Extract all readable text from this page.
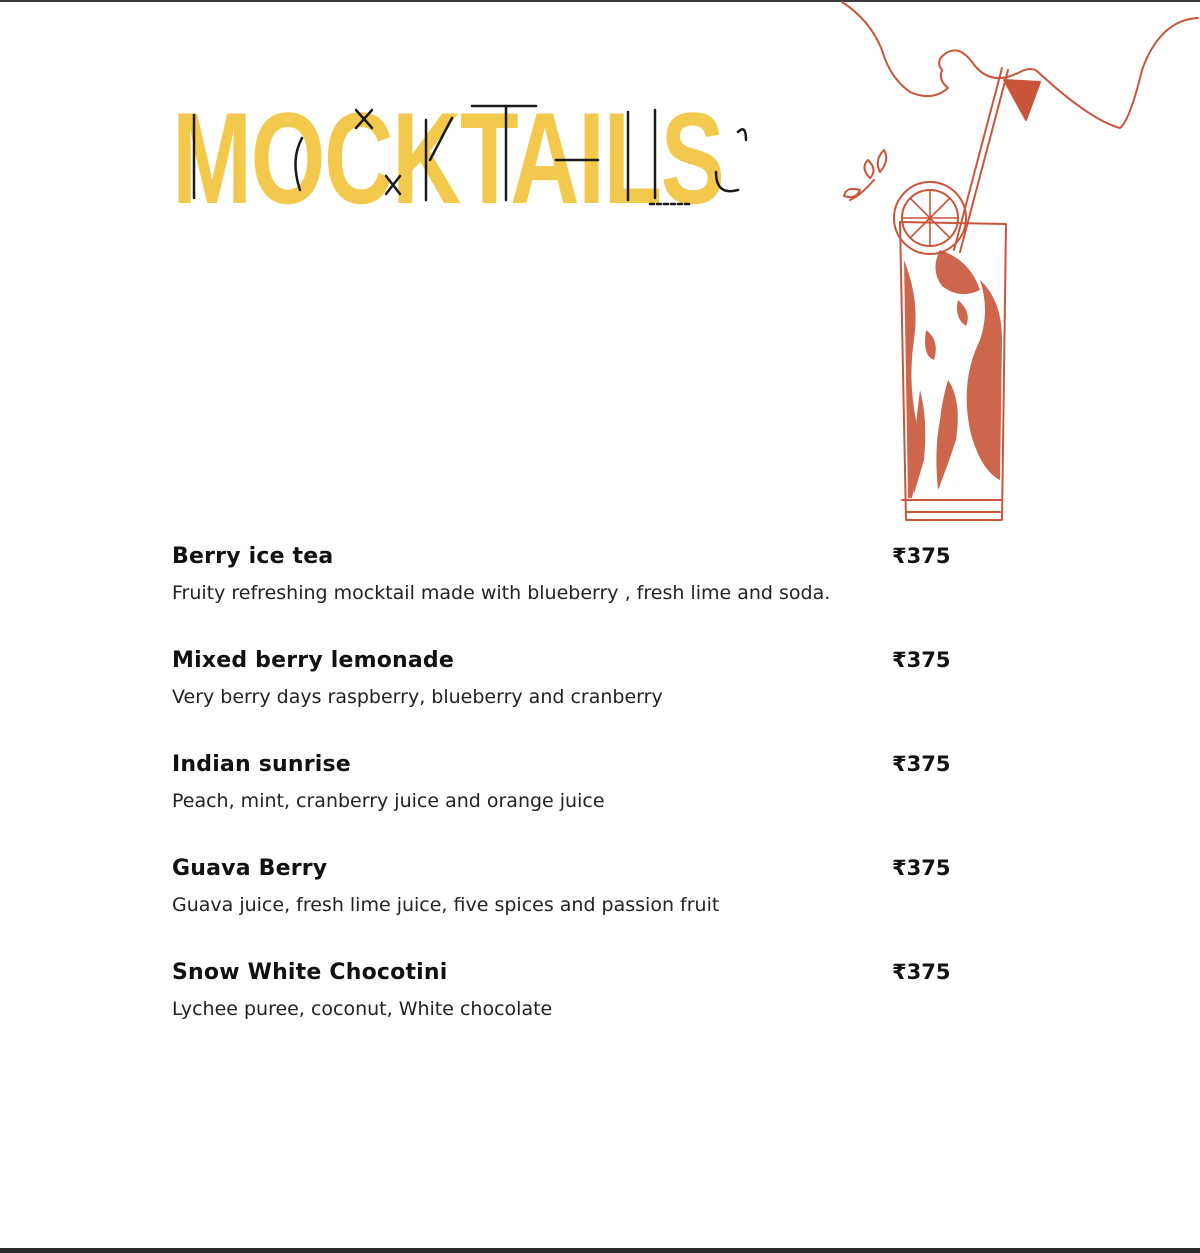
MOCKTAILS
Berry ice tea	₹375
Fruity refreshing mocktail made with blueberry , fresh lime and soda.
Mixed berry lemonade	₹375
Very berry days raspberry, blueberry and cranberry
Indian sunrise	₹375
Peach, mint, cranberry juice and orange juice
Guava Berry	₹375
Guava juice, fresh lime juice, five spices and passion fruit
Snow White Chocotini	₹375
Lychee puree, coconut, White chocolate
